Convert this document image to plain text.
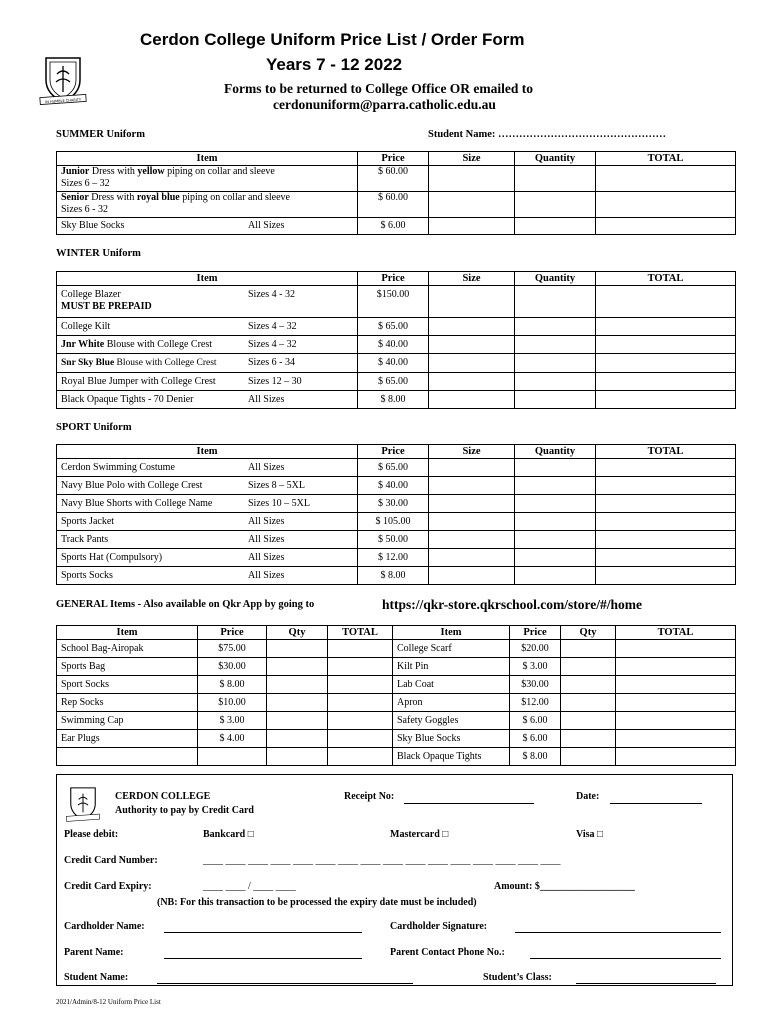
IN HUMBLE CHARITY
Cerdon College Uniform Price List / Order Form
Years 7 - 12 2022
Forms to be returned to College Office OR emailed to
cerdonuniform@parra.catholic.edu.au
SUMMER Uniform	Student Name: …………………………………………
Item	Price	Size	Quantity	TOTAL
Junior Dress with yellow piping on collar and sleeve
Sizes 6 – 32	$ 60.00			
Senior Dress with royal blue piping on collar and sleeve
Sizes 6 - 32	$ 60.00			
Sky Blue Socks All Sizes	$ 6.00			
WINTER Uniform
Item	Price	Size	Quantity	TOTAL
College Blazer Sizes 4 - 32
MUST BE PREPAID	$150.00			
College Kilt Sizes 4 – 32	$ 65.00			
Jnr White Blouse with College Crest Sizes 4 – 32	$ 40.00			
Snr Sky Blue Blouse with College Crest Sizes 6 - 34	$ 40.00			
Royal Blue Jumper with College Crest Sizes 12 – 30	$ 65.00			
Black Opaque Tights - 70 Denier All Sizes	$ 8.00			
SPORT Uniform
Item	Price	Size	Quantity	TOTAL
Cerdon Swimming Costume All Sizes	$ 65.00			
Navy Blue Polo with College Crest Sizes 8 – 5XL	$ 40.00			
Navy Blue Shorts with College Name Sizes 10 – 5XL	$ 30.00			
Sports Jacket All Sizes	$ 105.00			
Track Pants All Sizes	$ 50.00			
Sports Hat (Compulsory) All Sizes	$ 12.00			
Sports Socks All Sizes	$ 8.00			
GENERAL Items - Also available on Qkr App by going to	https://qkr-store.qkrschool.com/store/#/home
Item	Price	Qty	TOTAL	Item	Price	Qty	TOTAL
School Bag-Airopak	$75.00			College Scarf	$20.00		
Sports Bag	$30.00			Kilt Pin	$ 3.00		
Sport Socks	$ 8.00			Lab Coat	$30.00		
Rep Socks	$10.00			Apron	$12.00		
Swimming Cap	$ 3.00			Safety Goggles	$ 6.00		
Ear Plugs	$ 4.00			Sky Blue Socks	$ 6.00		
				Black Opaque Tights	$ 8.00		
CERDON COLLEGE
Authority to pay by Credit Card
Receipt No:	Date:
Please debit:	Bankcard □	Mastercard □	Visa □
Credit Card Number:	____ ____ ____ ____ ____ ____ ____ ____ ____ ____ ____ ____ ____ ____ ____ ____
Credit Card Expiry:	____ ____ / ____ ____	Amount: $___________________
(NB: For this transaction to be processed the expiry date must be included)
Cardholder Name:	Cardholder Signature:
Parent Name:	Parent Contact Phone No.:
Student Name:	Student’s Class:
2021/Admin/8-12 Uniform Price List
